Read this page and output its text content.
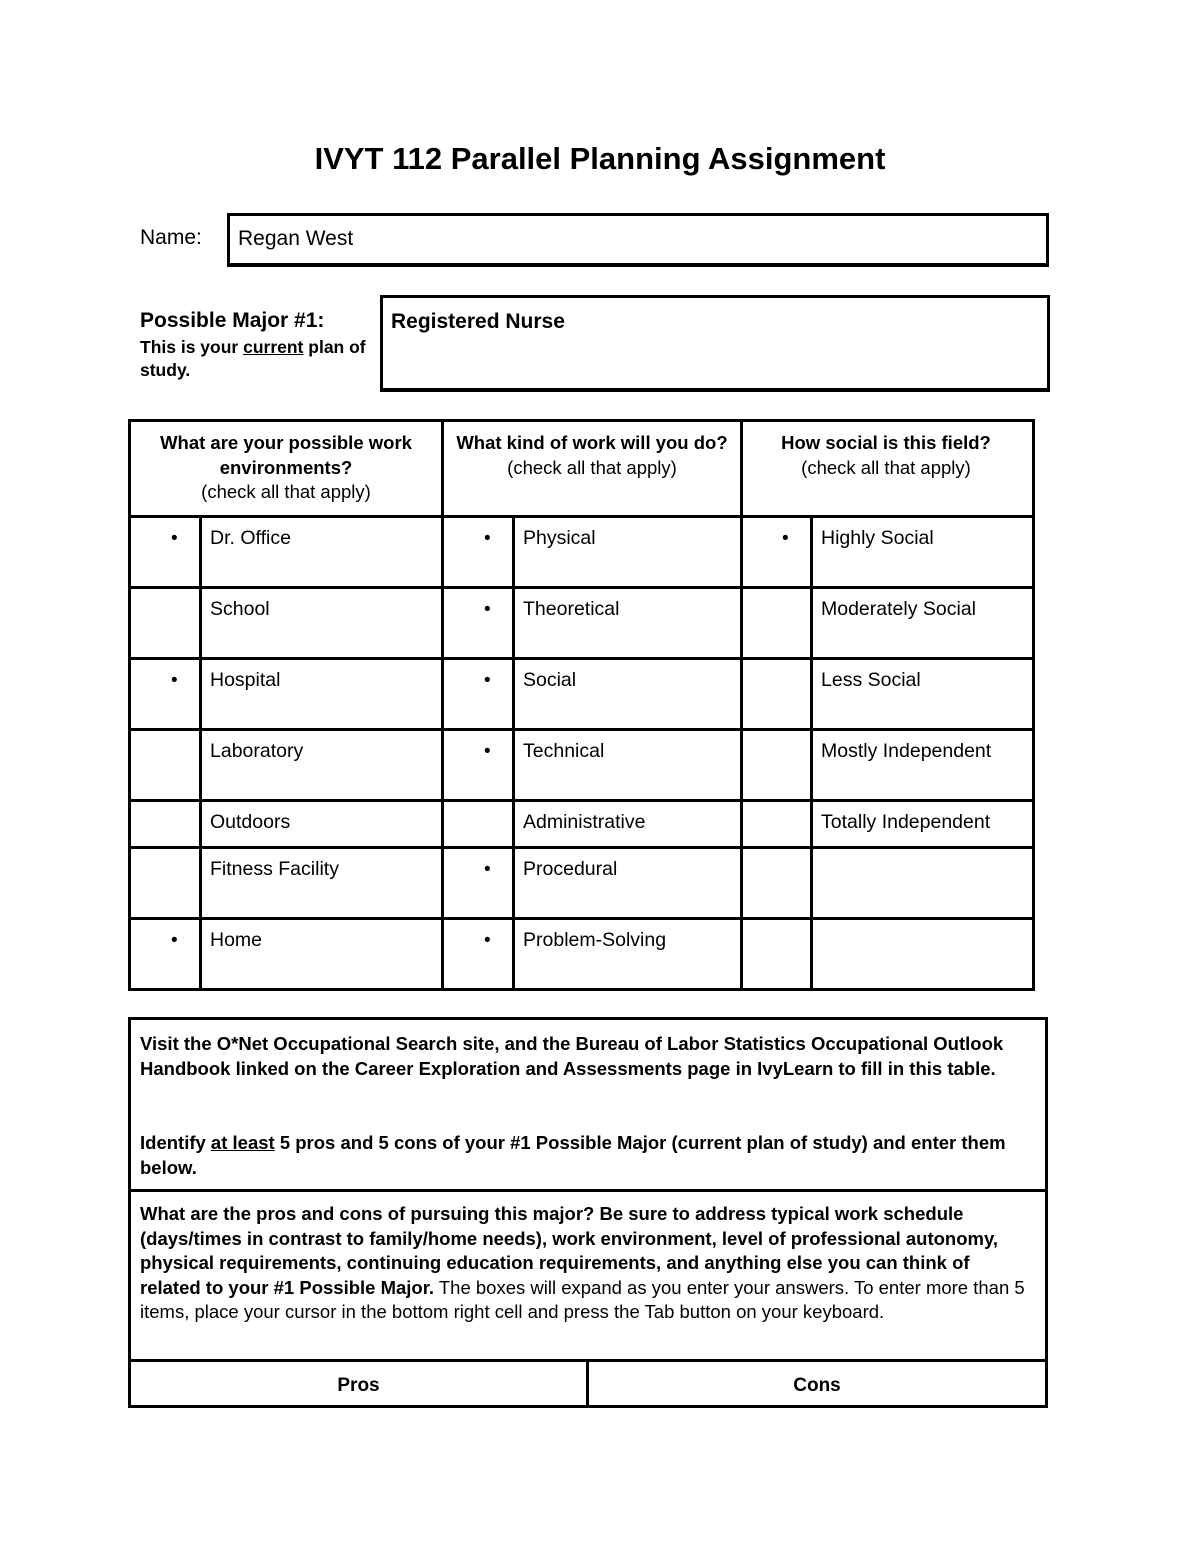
IVYT 112 Parallel Planning Assignment
Name: Regan West
Possible Major #1:
This is your current plan of study.
Registered Nurse
What are your possible work environments?
(check all that apply)
What kind of work will you do? (check all that apply)
How social is this field?
(check all that apply)
• Dr. Office	• Physical	• Highly Social
School	• Theoretical	Moderately Social
• Hospital	• Social	Less Social
Laboratory	• Technical	Mostly Independent
Outdoors	Administrative	Totally Independent
Fitness Facility	• Procedural
• Home	• Problem-Solving
Visit the O*Net Occupational Search site, and the Bureau of Labor Statistics Occupational Outlook Handbook linked on the Career Exploration and Assessments page in IvyLearn to fill in this table.
Identify at least 5 pros and 5 cons of your #1 Possible Major (current plan of study) and enter them below.
What are the pros and cons of pursuing this major? Be sure to address typical work schedule (days/times in contrast to family/home needs), work environment, level of professional autonomy, physical requirements, continuing education requirements, and anything else you can think of related to your #1 Possible Major. The boxes will expand as you enter your answers. To enter more than 5 items, place your cursor in the bottom right cell and press the Tab button on your keyboard.
Pros	Cons
